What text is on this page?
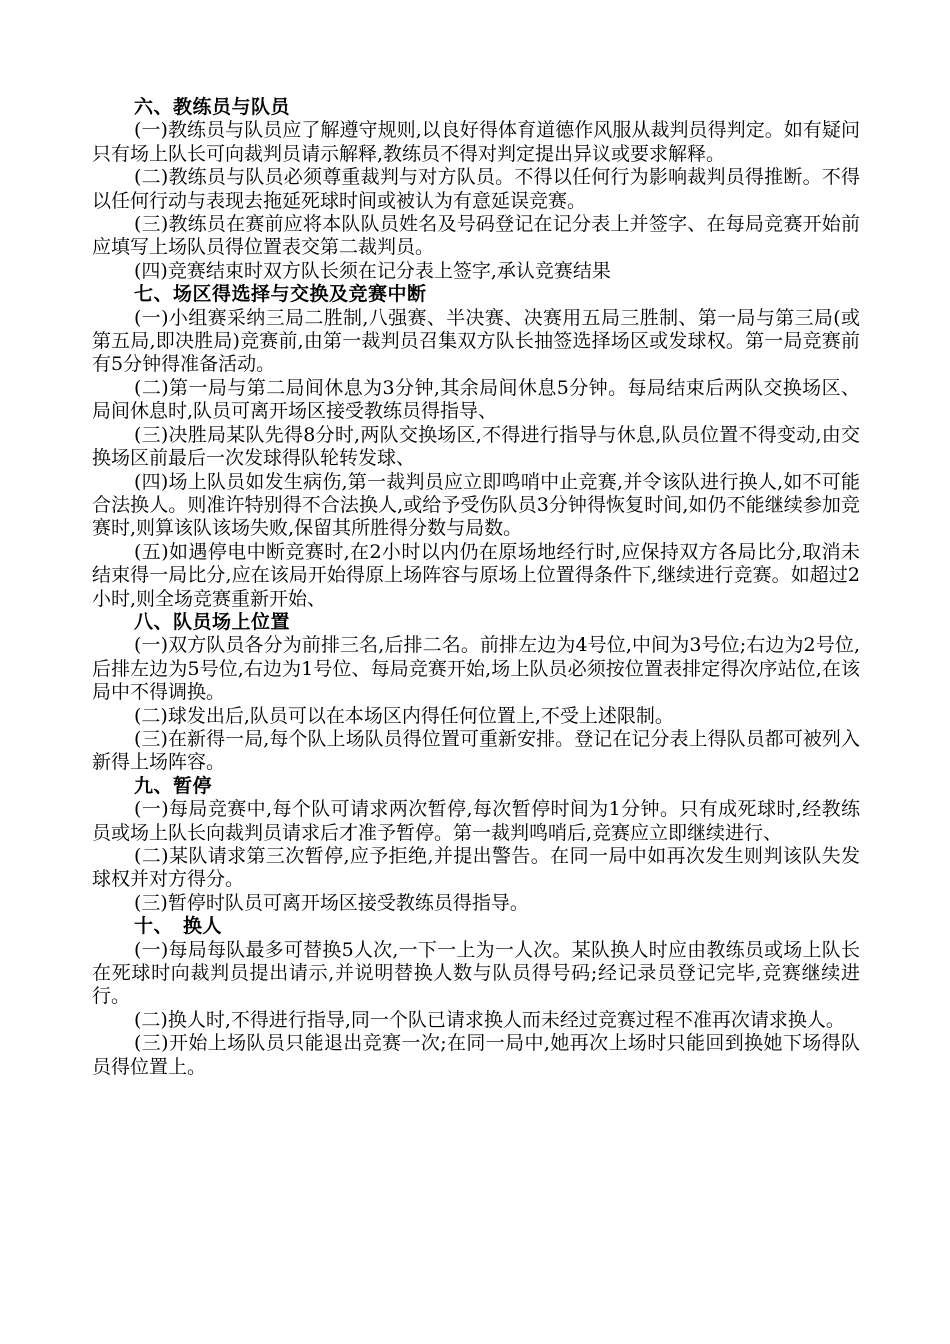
六、教练员与队员

(一)教练员与队员应了解遵守规则,以良好得体育道德作风服从裁判员得判定。如有疑问只有场上队长可向裁判员请示解释,教练员不得对判定提出异议或要求解释。

(二)教练员与队员必须尊重裁判与对方队员。不得以任何行为影响裁判员得推断。不得以任何行动与表现去拖延死球时间或被认为有意延误竞赛。

(三)教练员在赛前应将本队队员姓名及号码登记在记分表上并签字、在每局竞赛开始前应填写上场队员得位置表交第二裁判员。

(四)竞赛结束时双方队长须在记分表上签字,承认竞赛结果

七、场区得选择与交换及竞赛中断

(一)小组赛采纳三局二胜制,八强赛、半决赛、决赛用五局三胜制、第一局与第三局(或第五局,即决胜局)竞赛前,由第一裁判员召集双方队长抽签选择场区或发球权。第一局竞赛前有5分钟得准备活动。

(二)第一局与第二局间休息为3分钟,其余局间休息5分钟。每局结束后两队交换场区、局间休息时,队员可离开场区接受教练员得指导、

(三)决胜局某队先得8分时,两队交换场区,不得进行指导与休息,队员位置不得变动,由交换场区前最后一次发球得队轮转发球、

(四)场上队员如发生病伤,第一裁判员应立即鸣哨中止竞赛,并令该队进行换人,如不可能合法换人。则准许特别得不合法换人,或给予受伤队员3分钟得恢复时间,如仍不能继续参加竞赛时,则算该队该场失败,保留其所胜得分数与局数。

(五)如遇停电中断竞赛时,在2小时以内仍在原场地经行时,应保持双方各局比分,取消未结束得一局比分,应在该局开始得原上场阵容与原场上位置得条件下,继续进行竞赛。如超过2小时,则全场竞赛重新开始、

八、队员场上位置

(一)双方队员各分为前排三名,后排二名。前排左边为4号位,中间为3号位;右边为2号位,后排左边为5号位,右边为1号位、每局竞赛开始,场上队员必须按位置表排定得次序站位,在该局中不得调换。

(二)球发出后,队员可以在本场区内得任何位置上,不受上述限制。

(三)在新得一局,每个队上场队员得位置可重新安排。登记在记分表上得队员都可被列入新得上场阵容。

九、暂停

(一)每局竞赛中,每个队可请求两次暂停,每次暂停时间为1分钟。只有成死球时,经教练员或场上队长向裁判员请求后才准予暂停。第一裁判鸣哨后,竞赛应立即继续进行、

(二)某队请求第三次暂停,应予拒绝,并提出警告。在同一局中如再次发生则判该队失发球权并对方得分。

(三)暂停时队员可离开场区接受教练员得指导。

十、　换人

(一)每局每队最多可替换5人次,一下一上为一人次。某队换人时应由教练员或场上队长在死球时向裁判员提出请示,并说明替换人数与队员得号码;经记录员登记完毕,竞赛继续进行。

(二)换人时,不得进行指导,同一个队已请求换人而未经过竞赛过程不准再次请求换人。

(三)开始上场队员只能退出竞赛一次;在同一局中,她再次上场时只能回到换她下场得队员得位置上。
